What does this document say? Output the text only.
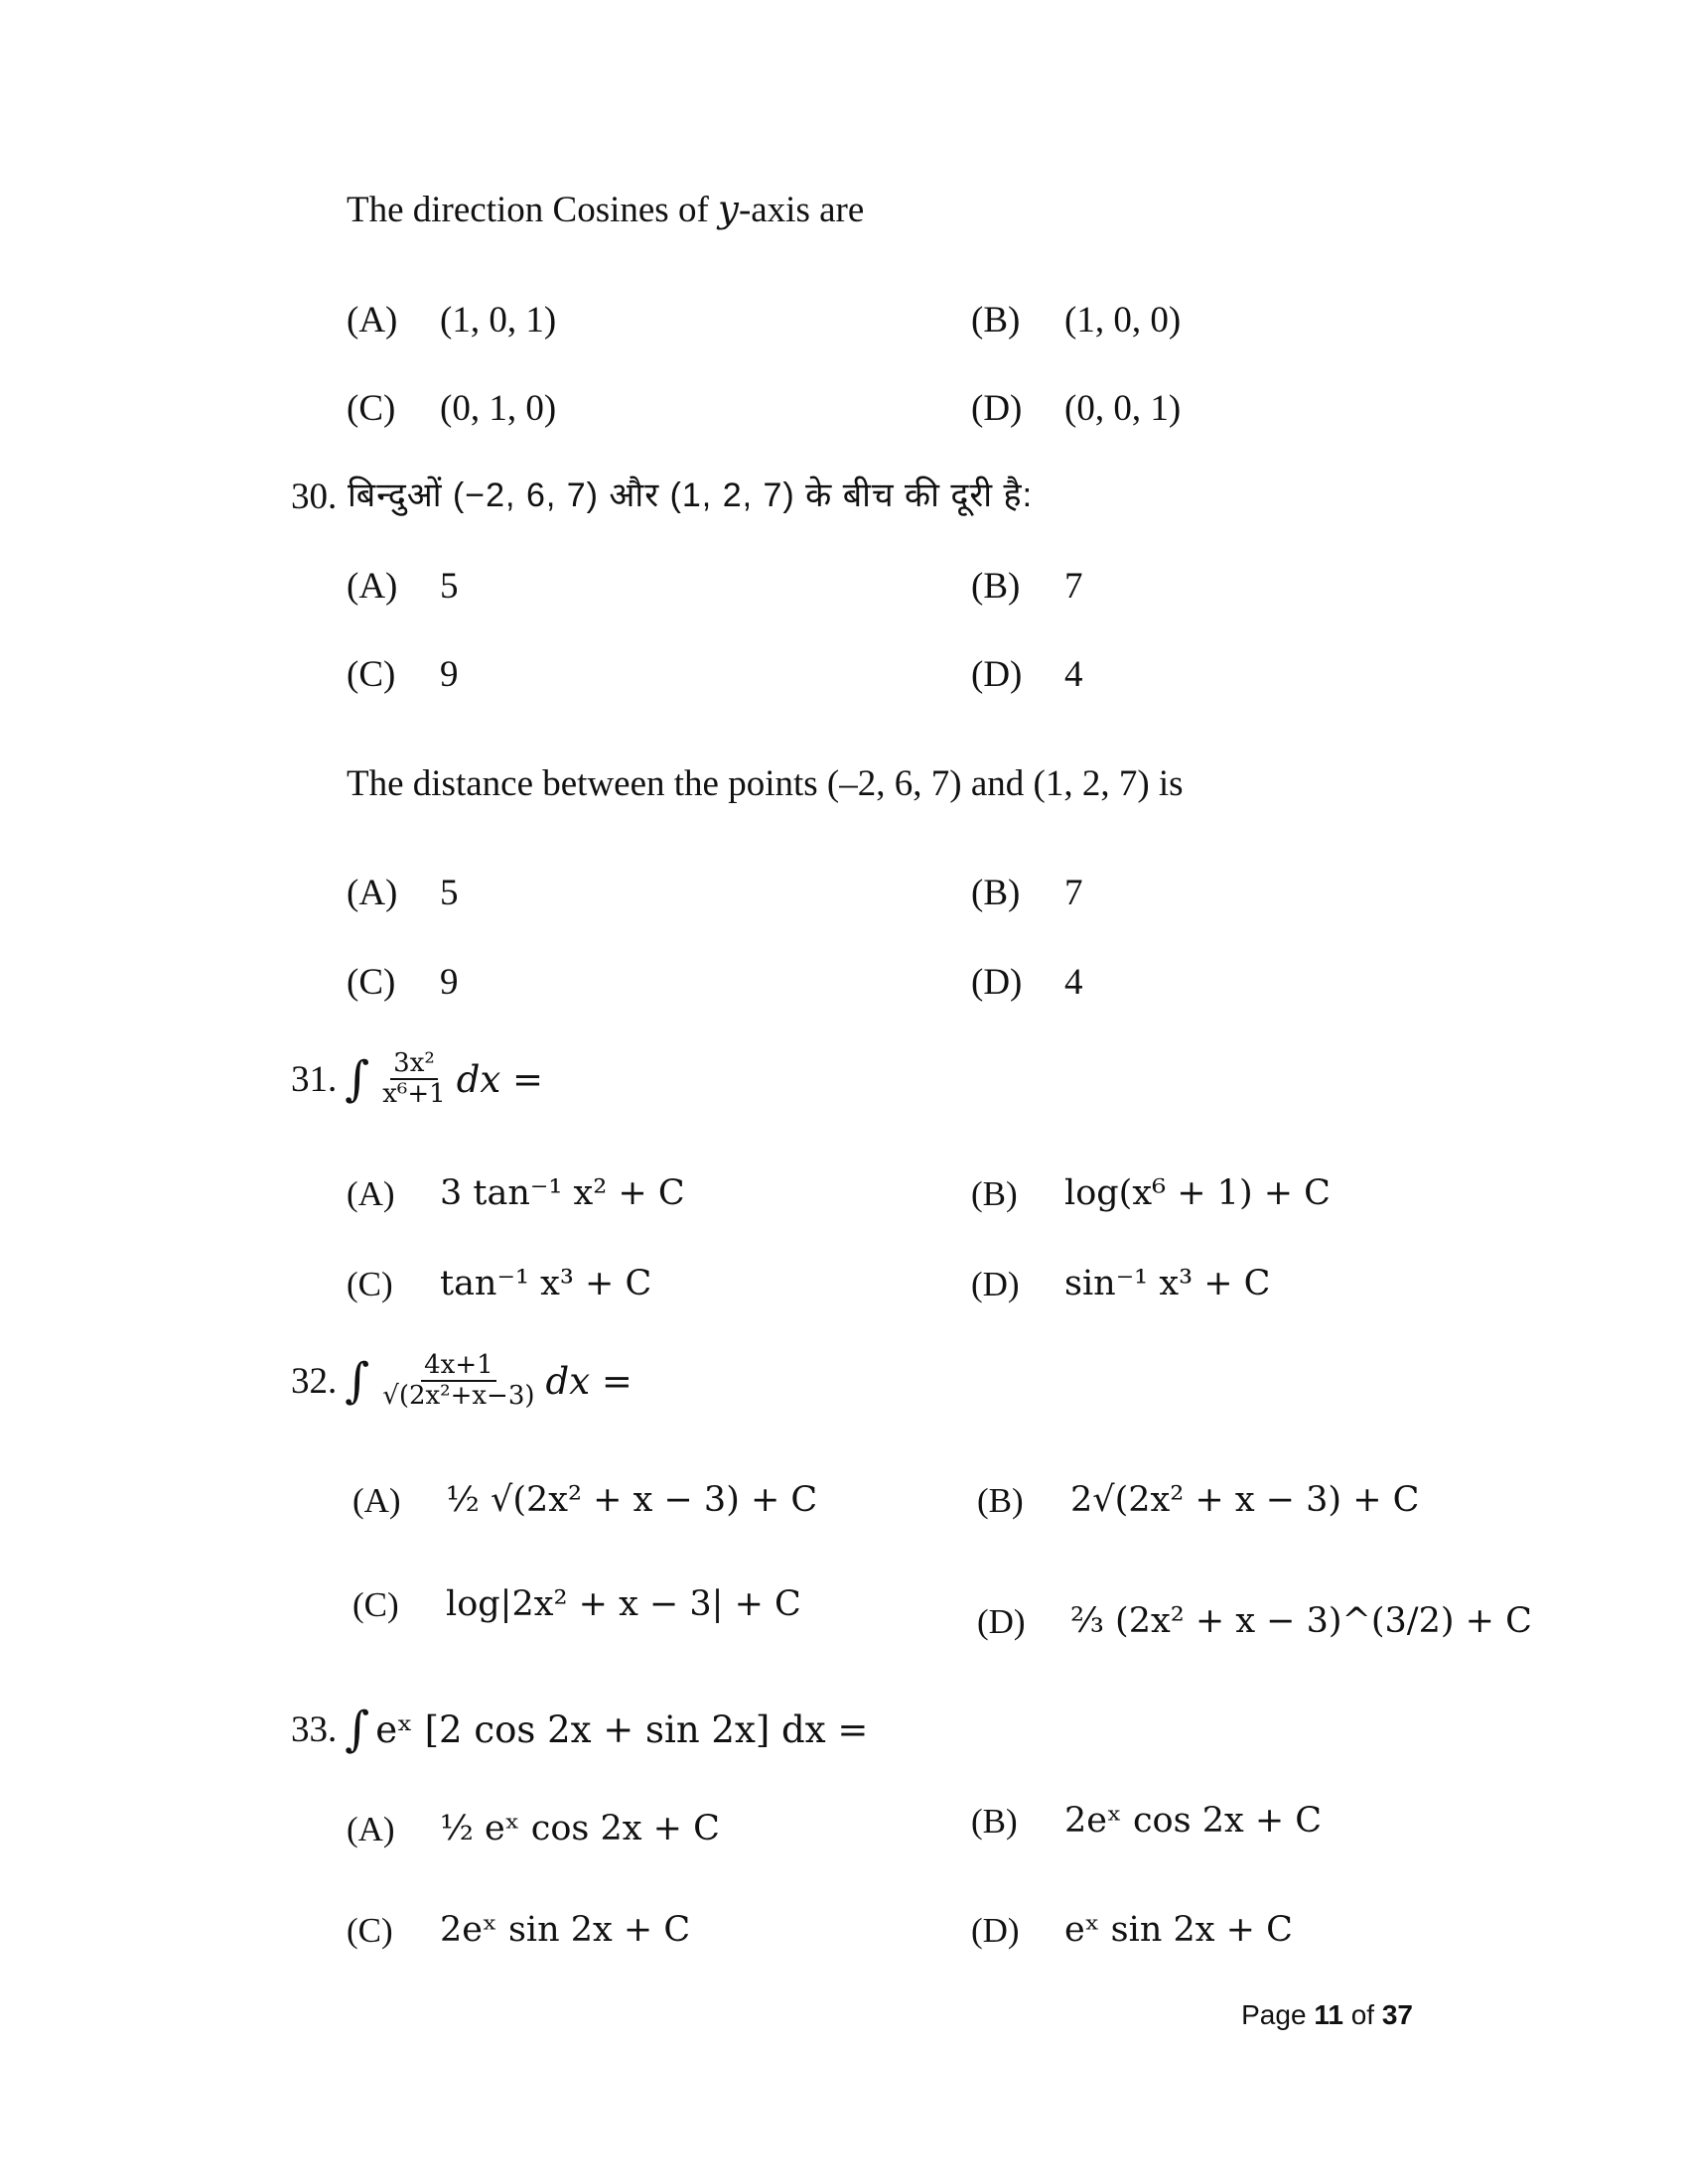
The direction Cosines of y-axis are
(A)	(1, 0, 1)	(B)	(1, 0, 0)
(C)	(0, 1, 0)	(D)	(0, 0, 1)
30. बिन्दुओं (−2, 6, 7) और (1, 2, 7) के बीच की दूरी है:
(A)	5	(B)	7
(C)	9	(D)	4
The distance between the points (–2, 6, 7) and (1, 2, 7) is
(A)	5	(B)	7
(C)	9	(D)	4
31. ∫ $\frac{\text{3x²}}{\text{x⁶+1}}$ dx =
(A)	3 tan⁻¹ x² + C	(B)	log(x⁶ + 1) + C
(C)	tan⁻¹ x³ + C	(D)	sin⁻¹ x³ + C
32. ∫ $\frac{4x+1}{\text{√(2x²+x−3)}}$ dx =
(A)	½ √(2x² + x − 3) + C	(B)	2√(2x² + x − 3) + C
(C)	log|2x² + x − 3| + C	(D)	⅔ (2x² + x − 3)^(3/2) + C
33. ∫ eˣ [2 cos 2x + sin 2x] dx =
(A)	½ eˣ cos 2x + C	(B)	2eˣ cos 2x + C
(C)	2eˣ sin 2x + C	(D)	eˣ sin 2x + C
Page 11 of 37
